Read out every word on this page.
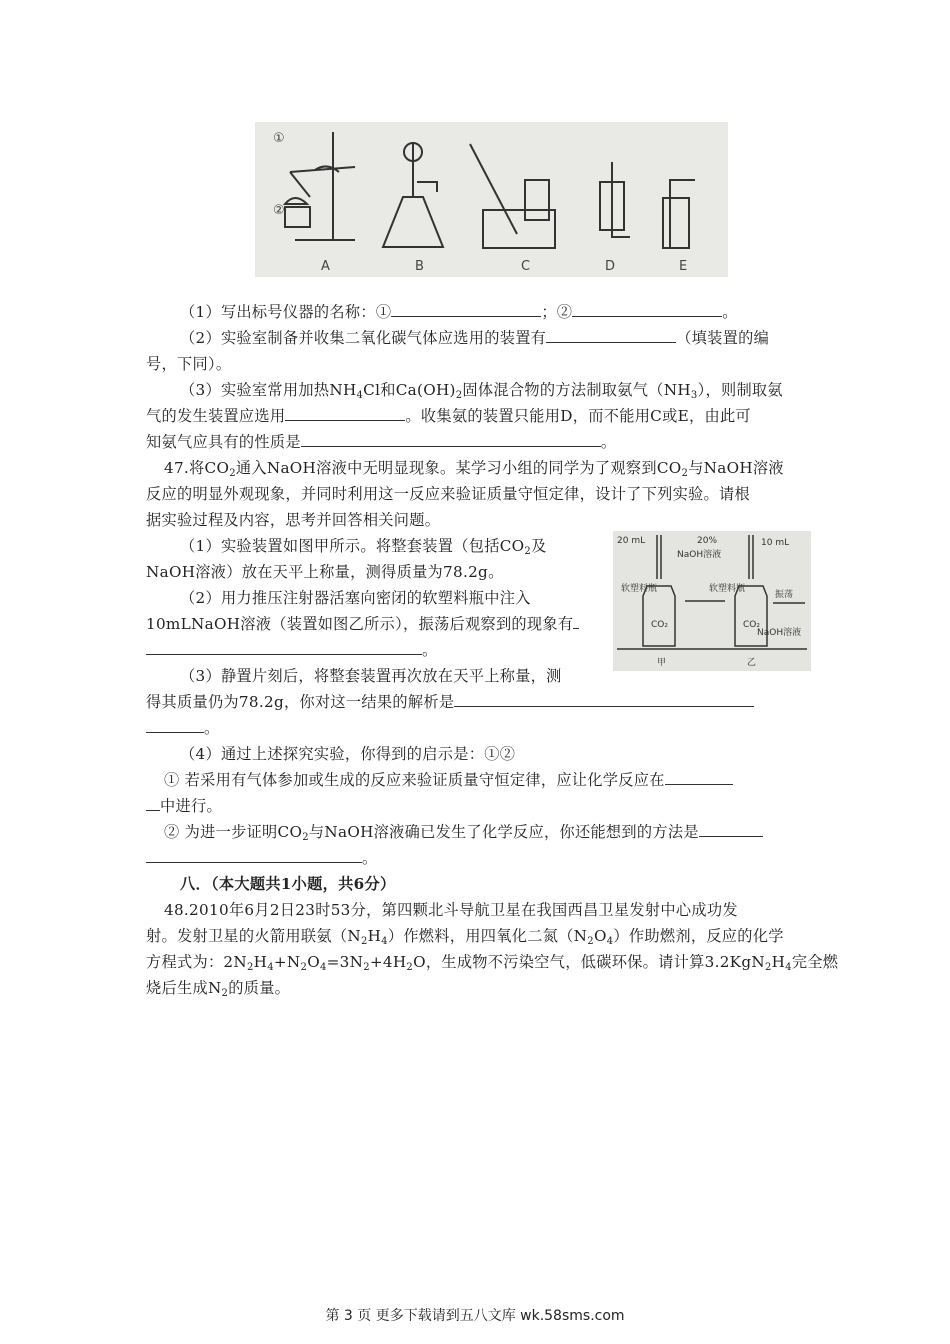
①
②
A	B	C	D	E
20 mL	20%
NaOH溶液
10 mL
软塑料瓶	软塑料瓶
CO₂	CO₂
振荡
NaOH溶液
甲	乙
（1）写出标号仪器的名称：①	；②	。
（2）实验室制备并收集二氧化碳气体应选用的装置有	（填装置的编
号，下同）。
（3）实验室常用加热$NH_4Cl$和$Ca(OH)_2$固体混合物的方法制取氨气$(NH_3)$，则制取氨
气的发生装置应选用	。收集氨的装置只能用D，而不能用C或E，由此可
知氨气应具有的性质是	。
47.将$CO_2$通入NaOH溶液中无明显现象。某学习小组的同学为了观察到$CO_2$与NaOH溶液
反应的明显外观现象，并同时利用这一反应来验证质量守恒定律，设计了下列实验。请根
据实验过程及内容，思考并回答相关问题。
（1）实验装置如图甲所示。将整套装置（包括$CO_2$及
NaOH溶液）放在天平上称量，测得质量为78.2g。
（2）用力推压注射器活塞向密闭的软塑料瓶中注入
10mLNaOH溶液（装置如图乙所示），振荡后观察到的现象有
。
（3）静置片刻后，将整套装置再次放在天平上称量，测
得其质量仍为78.2g，你对这一结果的解析是
。
（4）通过上述探究实验，你得到的启示是：①②
① 若采用有气体参加或生成的反应来验证质量守恒定律，应让化学反应在
中进行。
② 为进一步证明$CO_2$与NaOH溶液确已发生了化学反应，你还能想到的方法是
。
八．（本大题共1小题，共6分）
48.2010年6月2日23时53分，第四颗北斗导航卫星在我国西昌卫星发射中心成功发
射。发射卫星的火箭用联氨$(N_2H_4)$作燃料，用四氧化二氮$(N_2O_4)$作助燃剂，反应的化学
方程式为：$2N_2H_4+N_2O_4=3N_2+4H_2O$，生成物不污染空气，低碳环保。请计算$3.2KgN_2H_4$完全燃
烧后生成$N_2$的质量。
第 3 页 更多下载请到五八文库 wk.58sms.com
